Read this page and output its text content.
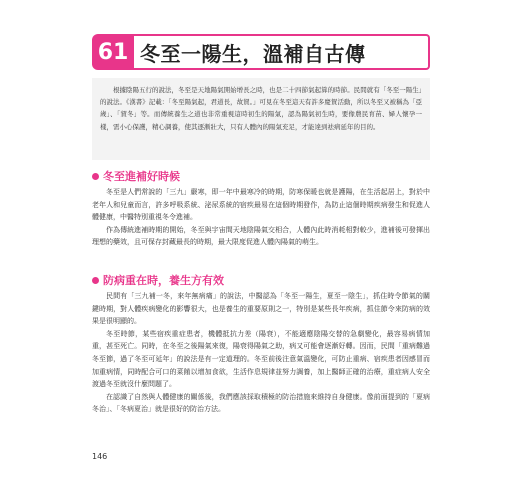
61 冬至一陽生，溫補自古傳

根據陰陽五行的說法，冬至是天地陽氣開始增長之時，也是二十四節氣起算的時節。民間就有「冬至一陽生」的說法。《漢書》記載：「冬至陽氣起，君道長，故賀。」可見在冬至這天有許多慶賀活動，所以冬至又被稱為「亞歲」、「賀冬」等。而傳統養生之道也非常重視這時初生的陽氣，認為陽氣初生時，要像農民育苗、婦人懷孕一樣，需小心保護，精心調養，使其逐漸壯大，只有人體內的陽氣充足，才能達到祛病延年的目的。

冬至進補好時候

冬至是人們常說的「三九」嚴寒，即一年中最寒冷的時期，防寒保暖也就是護陽，在生活起居上，對於中老年人和兒童而言，許多呼吸系統、泌尿系統的宿疾最易在這個時期發作，為防止這個時期疾病發生和促進人體健康，中醫特別重視冬令進補。

作為傳統進補時期的開始，冬至與宇宙間天地陰陽氣交相合，人體內此時消耗相對較少，進補後可發揮出理想的藥效，且可保存封藏最長的時期，最大限度促進人體內陽氣的萌生。

防病重在時，養生方有效

民間有「三九補一冬，來年無病痛」的說法，中醫認為「冬至一陽生，夏至一陰生」，抓住時令節氣的關鍵時期，對人體疾病變化的影響很大，也是養生的重要原則之一，特別是某些長年疾病，抓住節令來防病的效果是很明顯的。

冬至時節，某些宿疾重症患者，機體抵抗力差（陽衰），不能適應陰陽交替的急劇變化，最容易病情加重，甚至死亡。同時，在冬至之後陽氣來復，陽衰得陽氣之助，病又可能會逐漸好轉。因而，民間「重病難過冬至節，過了冬至可延年」的說法是有一定道理的。冬至前後注意氣溫變化，可防止重病、宿疾患者因感冒而加重病情，同時配合可口的菜餚以增加食欲，生活作息規律並努力調養，加上醫師正確的治療，重症病人安全渡過冬至就沒什麼問題了。

在認識了自然與人體健康的關係後，我們應該採取積極的防治措施來維持自身健康。像前面提到的「夏病冬治」、「冬病夏治」就是很好的防治方法。

146
